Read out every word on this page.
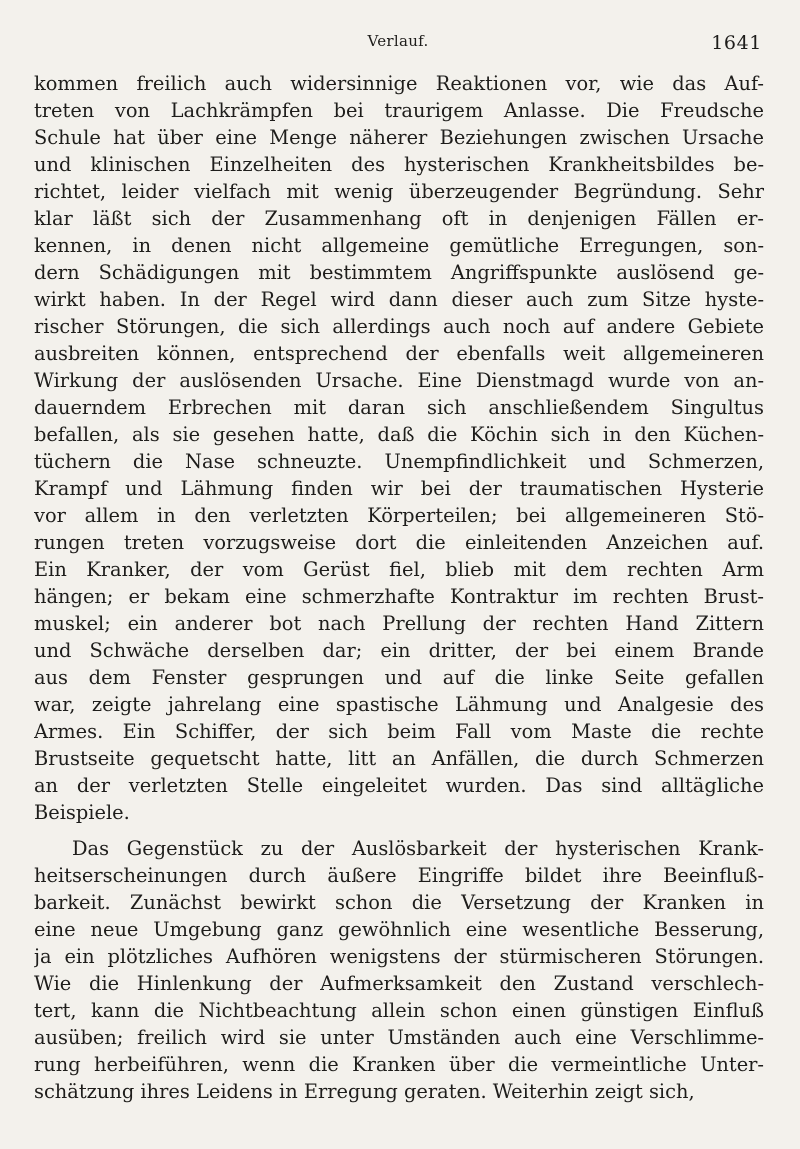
Verlauf.	1641
kommen freilich auch widersinnige Reaktionen vor, wie das Auf-
treten von Lachkrämpfen bei traurigem Anlasse. Die Freudsche
Schule hat über eine Menge näherer Beziehungen zwischen Ursache
und klinischen Einzelheiten des hysterischen Krankheitsbildes be-
richtet, leider vielfach mit wenig überzeugender Begründung. Sehr
klar läßt sich der Zusammenhang oft in denjenigen Fällen er-
kennen, in denen nicht allgemeine gemütliche Erregungen, son-
dern Schädigungen mit bestimmtem Angriffspunkte auslösend ge-
wirkt haben. In der Regel wird dann dieser auch zum Sitze hyste-
rischer Störungen, die sich allerdings auch noch auf andere Gebiete
ausbreiten können, entsprechend der ebenfalls weit allgemeineren
Wirkung der auslösenden Ursache. Eine Dienstmagd wurde von an-
dauerndem Erbrechen mit daran sich anschließendem Singultus
befallen, als sie gesehen hatte, daß die Köchin sich in den Küchen-
tüchern die Nase schneuzte. Unempfindlichkeit und Schmerzen,
Krampf und Lähmung finden wir bei der traumatischen Hysterie
vor allem in den verletzten Körperteilen; bei allgemeineren Stö-
rungen treten vorzugsweise dort die einleitenden Anzeichen auf.
Ein Kranker, der vom Gerüst fiel, blieb mit dem rechten Arm
hängen; er bekam eine schmerzhafte Kontraktur im rechten Brust-
muskel; ein anderer bot nach Prellung der rechten Hand Zittern
und Schwäche derselben dar; ein dritter, der bei einem Brande
aus dem Fenster gesprungen und auf die linke Seite gefallen
war, zeigte jahrelang eine spastische Lähmung und Analgesie des
Armes. Ein Schiffer, der sich beim Fall vom Maste die rechte
Brustseite gequetscht hatte, litt an Anfällen, die durch Schmerzen
an der verletzten Stelle eingeleitet wurden. Das sind alltägliche
Beispiele.
Das Gegenstück zu der Auslösbarkeit der hysterischen Krank-
heitserscheinungen durch äußere Eingriffe bildet ihre Beeinfluß-
barkeit. Zunächst bewirkt schon die Versetzung der Kranken in
eine neue Umgebung ganz gewöhnlich eine wesentliche Besserung,
ja ein plötzliches Aufhören wenigstens der stürmischeren Störungen.
Wie die Hinlenkung der Aufmerksamkeit den Zustand verschlech-
tert, kann die Nichtbeachtung allein schon einen günstigen Einfluß
ausüben; freilich wird sie unter Umständen auch eine Verschlimme-
rung herbeiführen, wenn die Kranken über die vermeintliche Unter-
schätzung ihres Leidens in Erregung geraten. Weiterhin zeigt sich,
